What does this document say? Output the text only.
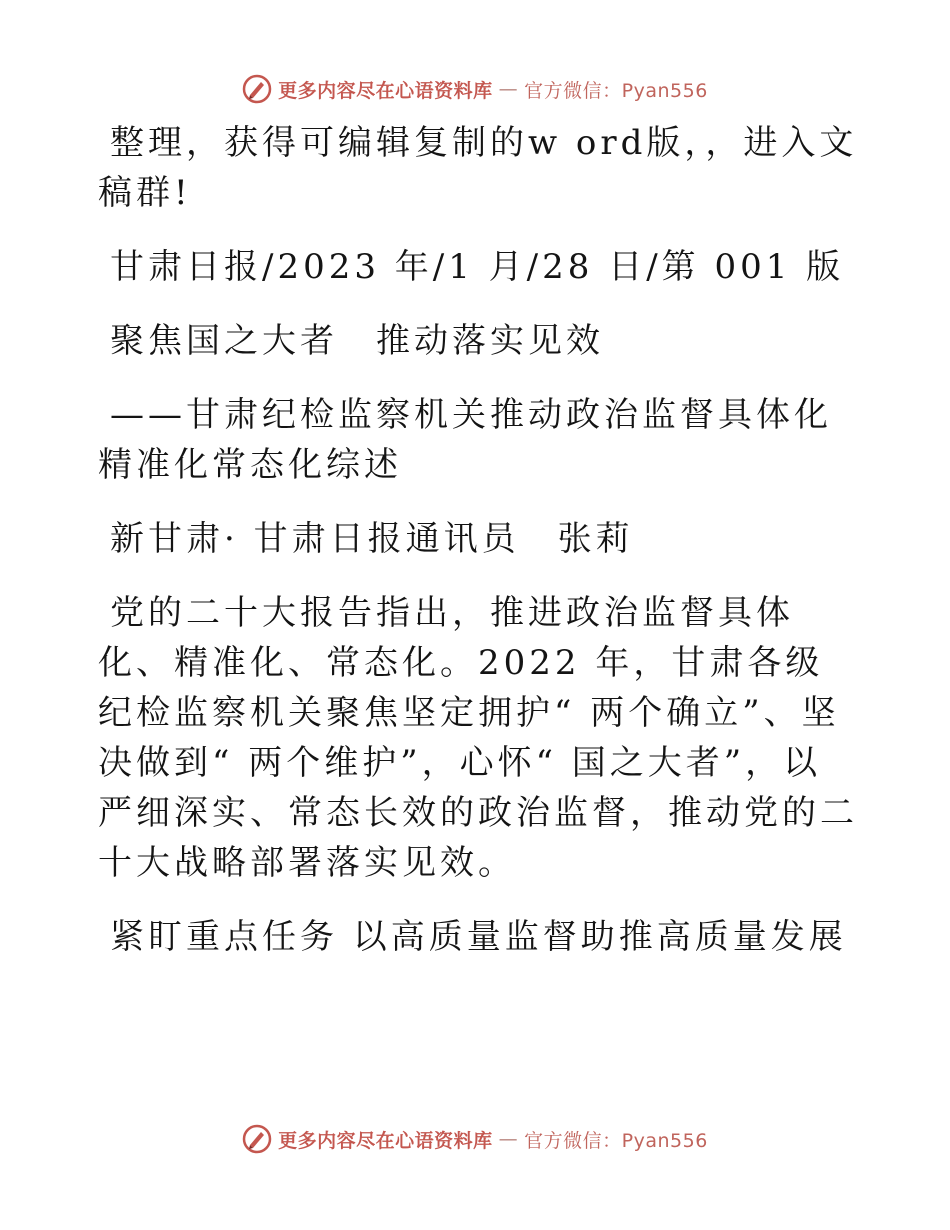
更多内容尽在心语资料库 — 官方微信：Pyan556

整理，获得可编辑复制的w ord版，，进入文稿群!

甘肃日报/2023 年/1 月/28 日/第 001 版

聚焦国之大者　推动落实见效

——甘肃纪检监察机关推动政治监督具体化精准化常态化综述

新甘肃· 甘肃日报通讯员　张莉

党的二十大报告指出，推进政治监督具体化、精准化、常态化。2022 年，甘肃各级纪检监察机关聚焦坚定拥护“ 两个确立”、坚决做到“ 两个维护”，心怀“ 国之大者”，以严细深实、常态长效的政治监督，推动党的二十大战略部署落实见效。

紧盯重点任务 以高质量监督助推高质量发展

更多内容尽在心语资料库 — 官方微信：Pyan556
